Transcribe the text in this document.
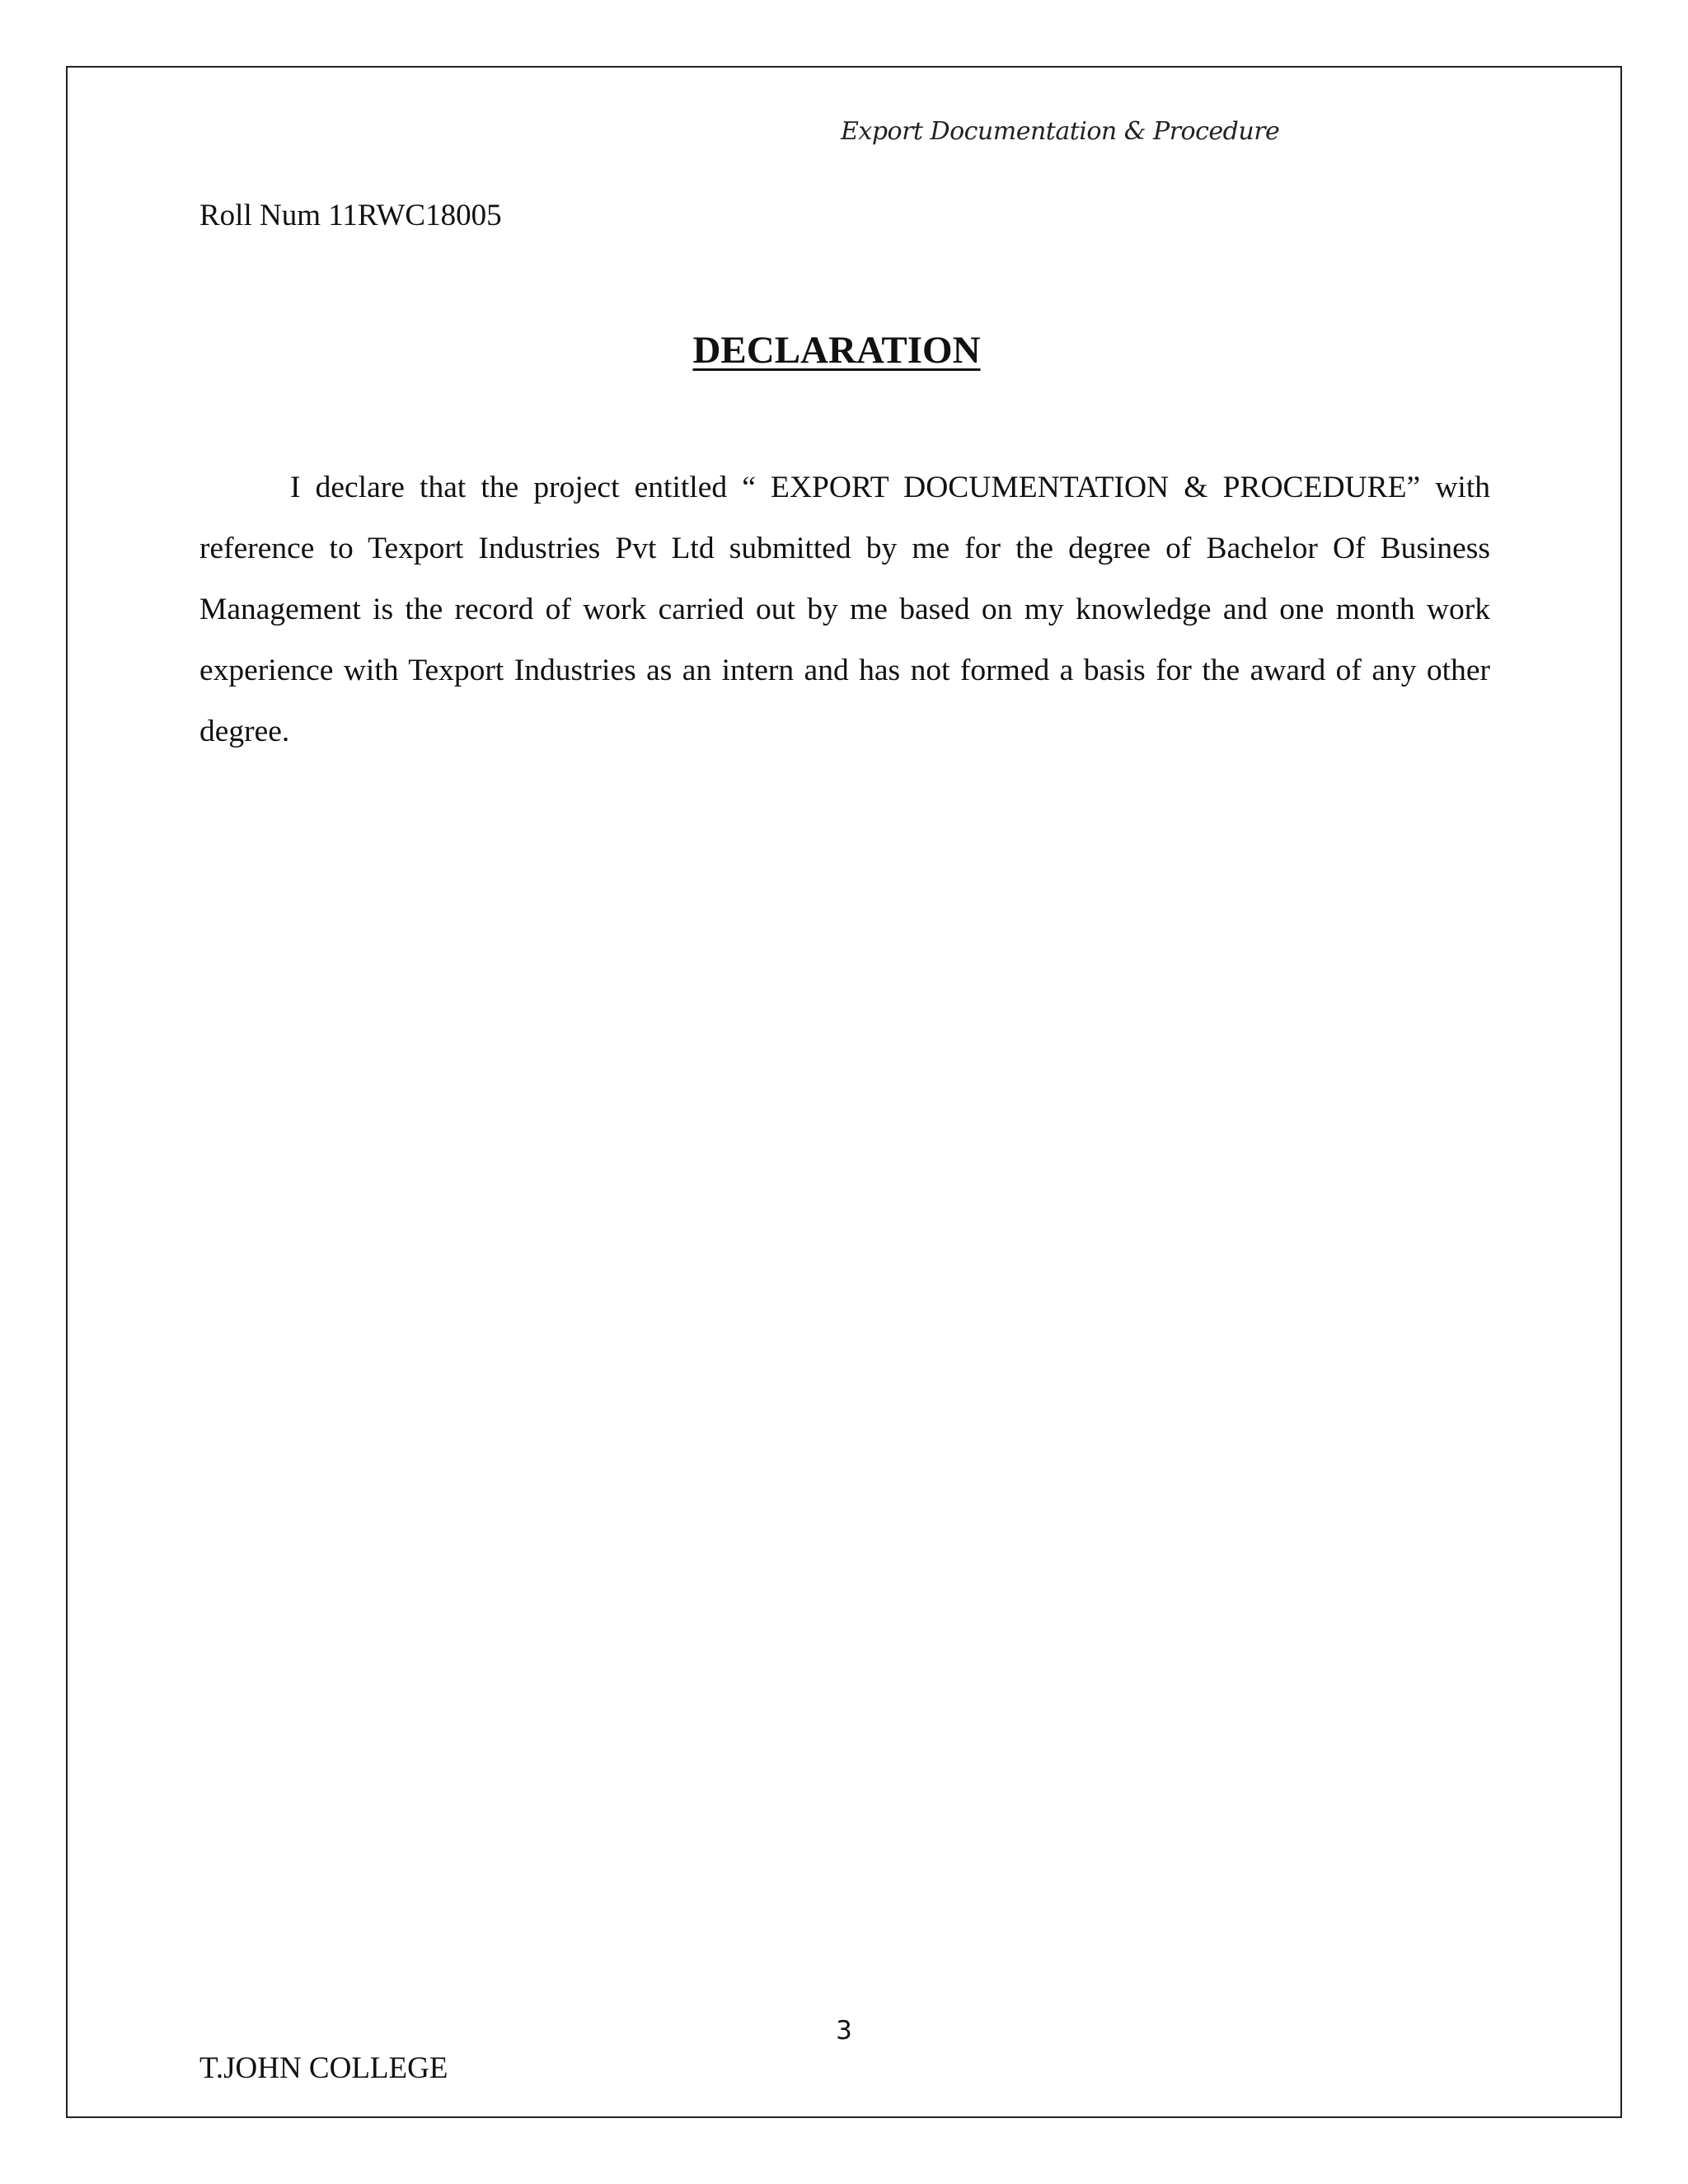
Export Documentation & Procedure
Roll Num 11RWC18005
DECLARATION

I declare that the project entitled “ EXPORT DOCUMENTATION & PROCEDURE” with reference to Texport Industries Pvt Ltd submitted by me for the degree of Bachelor Of Business Management is the record of work carried out by me based on my knowledge and one month work experience with Texport Industries as an intern and has not formed a basis for the award of any other degree.

3
T.JOHN COLLEGE
